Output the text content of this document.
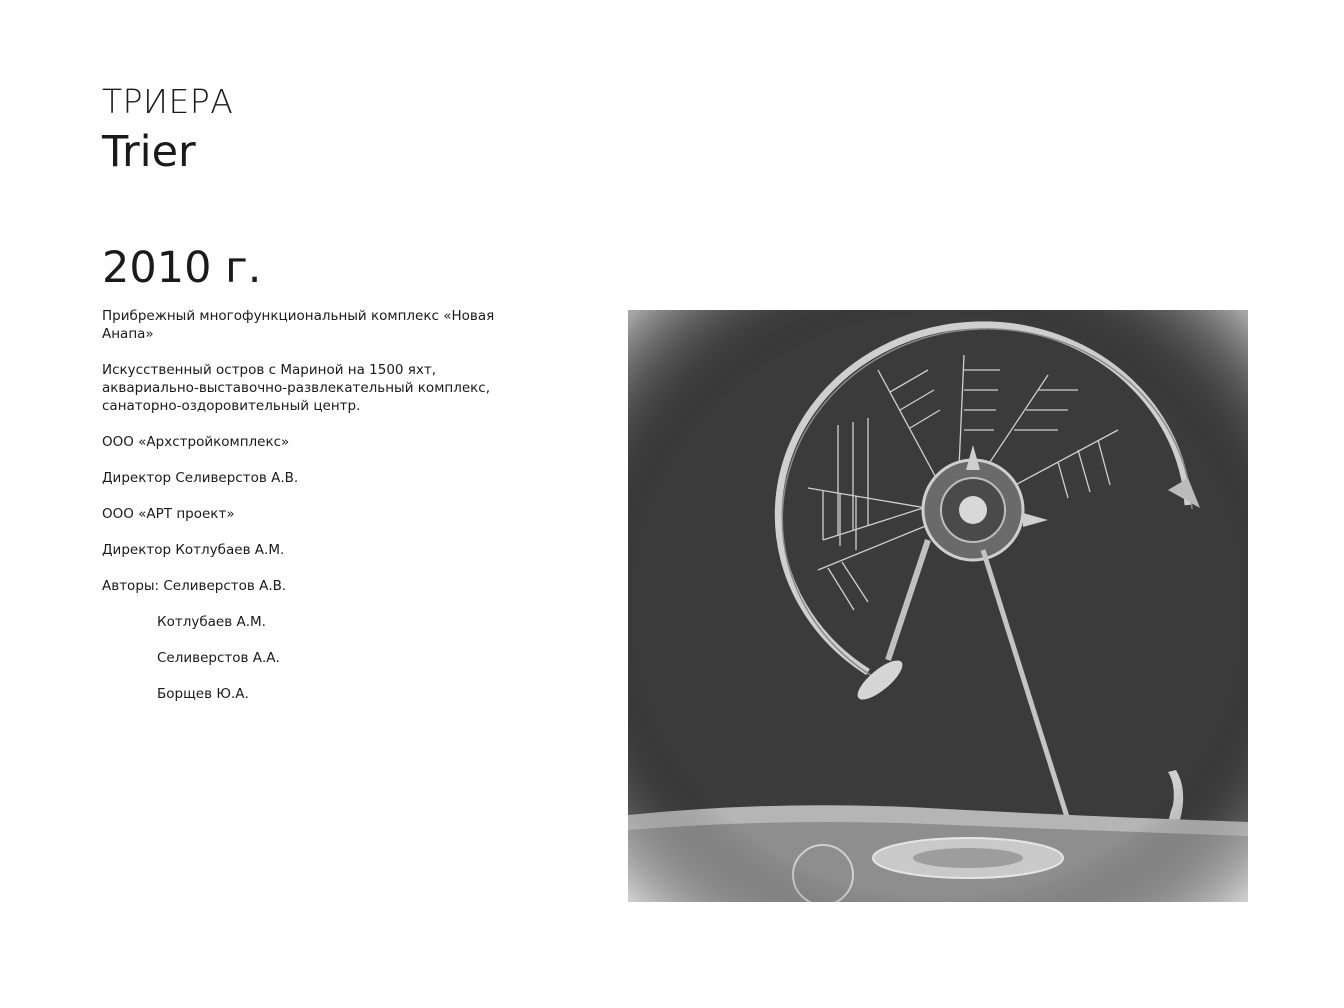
ТРИЕРА
Trier
2010 г.

Прибрежный многофункциональный комплекс «Новая Анапа»

Искусственный остров с Мариной на 1500 яхт, аквариально-выставочно-развлекательный комплекс, санаторно-оздоровительный центр.

ООО «Архстройкомплекс»

Директор Селиверстов А.В.

ООО «АРТ проект»

Директор Котлубаев А.М.

Авторы: Селиверстов А.В.

Котлубаев А.М.

Селиверстов А.А.

Борщев Ю.А.
